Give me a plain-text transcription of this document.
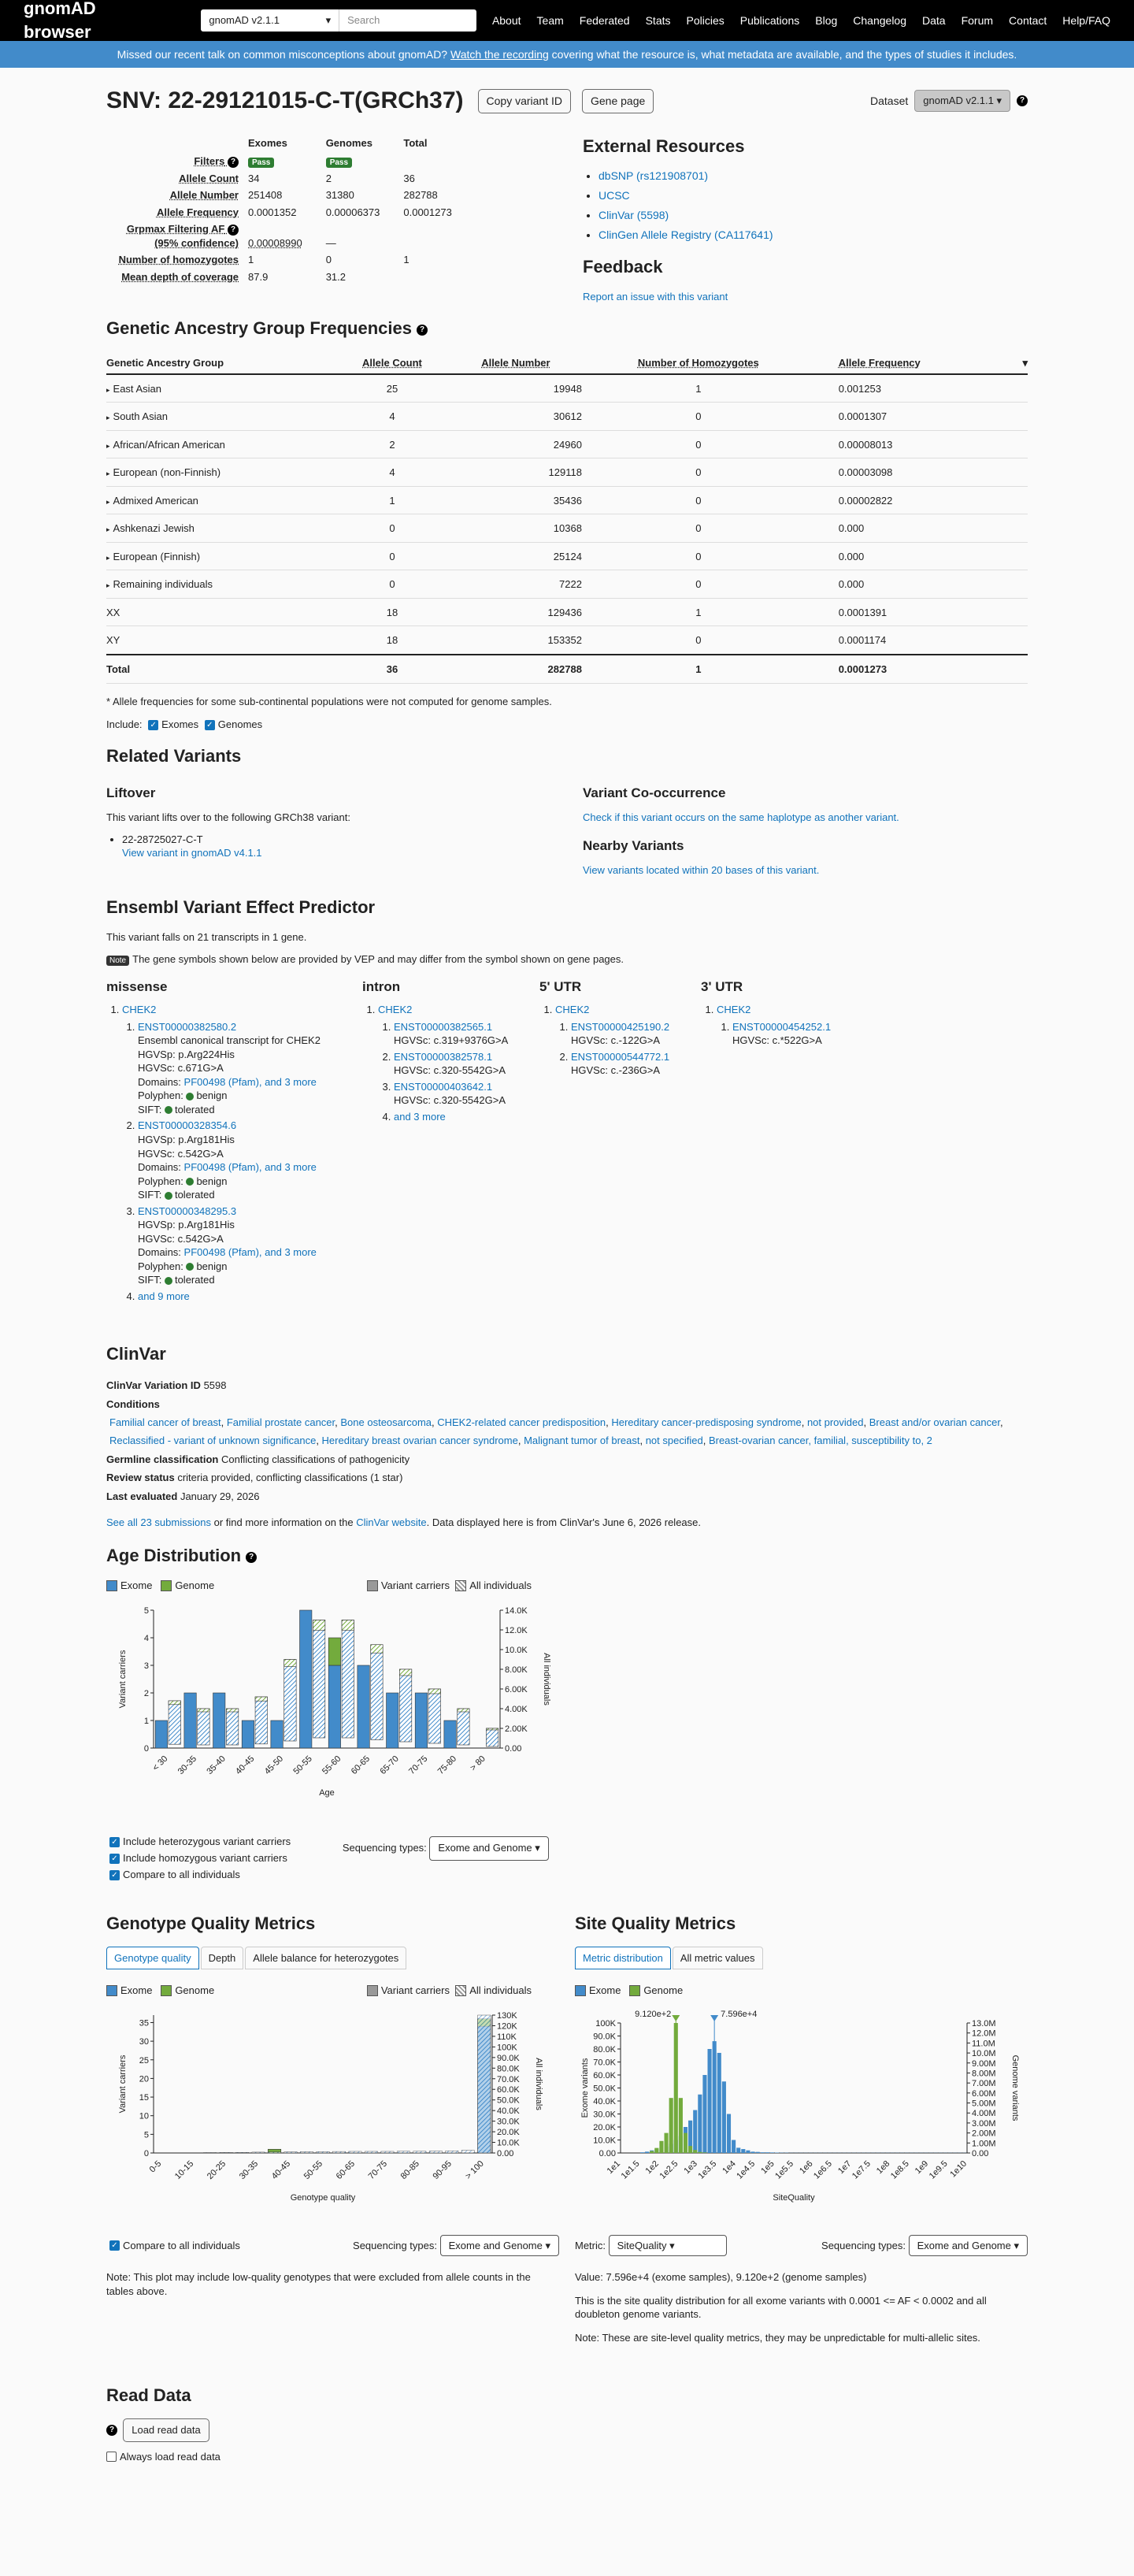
gnomAD browser
gnomAD v2.1.1	▾	Search	About Team Federated Stats Policies Publications Blog Changelog Data Forum Contact Help/FAQ
Missed our recent talk on common misconceptions about gnomAD?
Watch the recording
covering what the resource is, what metadata are available, and the types of studies it includes.
SNV: 22-29121015-C-T(GRCh37)	Copy variant ID	Gene page	Dataset	gnomAD v2.1.1 ▾	?
	Exomes	Genomes	Total
Filters ?	Pass	Pass	
Allele Count	34	2	36
Allele Number	251408	31380	282788
Allele Frequency	0.0001352	0.00006373	0.0001273
Grpmax Filtering AF ?
(95% confidence)	0.00008990	—	
Number of homozygotes	1	0	1
Mean depth of coverage	87.9	31.2	
External Resources
• dbSNP (rs121908701)
• UCSC
• ClinVar (5598)
• ClinGen Allele Registry (CA117641)
Feedback
Report an issue with this variant
Genetic Ancestry Group Frequencies ?
Genetic Ancestry Group	Allele Count	Allele Number	Number of Homozygotes	Allele Frequency ▾

▸ East Asian	25	19948	1	0.001253
▸ South Asian	4	30612	0	0.0001307
▸ African/African American	2	24960	0	0.00008013
▸ European (non-Finnish)	4	129118	0	0.00003098
▸ Admixed American	1	35436	0	0.00002822
▸ Ashkenazi Jewish	0	10368	0	0.000
▸ European (Finnish)	0	25124	0	0.000
▸ Remaining individuals	0	7222	0	0.000
XX	18	129436	1	0.0001391
XY	18	153352	0	0.0001174
Total	36	282788	1	0.0001273

* Allele frequencies for some sub-continental populations were not computed for genome samples.

Include: ✓ Exomes ✓ Genomes
Related Variants
Liftover

This variant lifts over to the following GRCh38 variant:

• 22-28725027-C-T
View variant in gnomAD v4.1.1
Variant Co-occurrence
Check if this variant occurs on the same haplotype as another variant.
Nearby Variants
View variants located within 20 bases of this variant.
Ensembl Variant Effect Predictor

This variant falls on 21 transcripts in 1 gene.

Note The gene symbols shown below are provided by VEP and may differ from the symbol shown on gene pages.

missense
1. CHEK2
1. ENST00000382580.2
Ensembl canonical transcript for CHEK2
HGVSp: p.Arg224His
HGVSc: c.671G>A
Domains: PF00498 (Pfam), and 3 more
Polyphen: benign
SIFT: tolerated
2. ENST00000328354.6
HGVSp: p.Arg181His
HGVSc: c.542G>A
Domains: PF00498 (Pfam), and 3 more
Polyphen: benign
SIFT: tolerated
3. ENST00000348295.3
HGVSp: p.Arg181His
HGVSc: c.542G>A
Domains: PF00498 (Pfam), and 3 more
Polyphen: benign
SIFT: tolerated
4. and 9 more
intron
1. CHEK2
1. ENST00000382565.1
HGVSc: c.319+9376G>A
2. ENST00000382578.1
HGVSc: c.320-5542G>A
3. ENST00000403642.1
HGVSc: c.320-5542G>A
4. and 3 more
5' UTR
1. CHEK2
1. ENST00000425190.2
HGVSc: c.-122G>A
2. ENST00000544772.1
HGVSc: c.-236G>A
3' UTR
1. CHEK2
1. ENST00000454252.1
HGVSc: c.*522G>A
ClinVar
ClinVar Variation ID 5598
Conditions
Familial cancer of breast, Familial prostate cancer, Bone osteosarcoma, CHEK2-related cancer predisposition, Hereditary cancer-predisposing syndrome, not provided, Breast and/or ovarian cancer, Reclassified - variant of unknown significance, Hereditary breast ovarian cancer syndrome, Malignant tumor of breast, not specified, Breast-ovarian cancer, familial, susceptibility to, 2
Germline classification Conflicting classifications of pathogenicity
Review status criteria provided, conflicting classifications (1 star)
Last evaluated January 29, 2026
See all 23 submissions or find more information on the ClinVar website. Data displayed here is from ClinVar's June 6, 2026 release.
Age Distribution ?
Exome
Genome	Variant carriers
All individuals
0
1
2
3
4
5
0.00
2.00K
4.00K
6.00K
8.00K
10.0K
12.0K
14.0K
< 30 30-35 35-40 40-45 45-50 50-55 55-60 60-65 65-70 70-75 75-80 > 80
Age
Variant carriers	All individuals
✓ Include heterozygous variant carriers
✓ Include homozygous variant carriers
Sequencing types:
	Exome and Genome ▾
✓ Compare to all individuals
Genotype Quality Metrics
Genotype quality	Depth	Allele balance for heterozygotes
Exome
Genome	Variant carriers
All individuals
0
5
10
15
20
25
30
35
0.00
10.0K
20.0K
30.0K
40.0K
50.0K
60.0K
70.0K
80.0K
90.0K
100K
110K
120K
130K
0-5 10-15 20-25 30-35 40-45 50-55 60-65 70-75 80-85 90-95 > 100
Genotype quality
Variant carriers	All individuals
✓ Compare to all individuals	Sequencing types:
	Exome and Genome ▾

Note: This plot may include low-quality genotypes that were excluded from allele counts in the tables above.

Site Quality Metrics
Metric distribution	All metric values
Exome
Genome
0.00
10.0K
20.0K
30.0K
40.0K
50.0K
60.0K
70.0K
80.0K
90.0K
100K
0.00
1.00M
2.00M
3.00M
4.00M
5.00M
6.00M
7.00M
8.00M
9.00M
10.0M
11.0M
12.0M
13.0M
1e1
1e1.5 1e2
1e2.5 1e3
1e3.5 1e4
1e4.5 1e5
1e5.5 1e6
1e6.5 1e7
1e7.5 1e8
1e8.5 1e9
1e9.5
1e10
9.120e+2	7.596e+4
SiteQuality
Exome variants	Genome variants
Metric:
	SiteQuality ▾	Sequencing types:
	Exome and Genome ▾

Value: 7.596e+4 (exome samples), 9.120e+2 (genome samples)

This is the site quality distribution for all exome variants with 0.0001 <= AF < 0.0002 and all doubleton genome variants.

Note: These are site-level quality metrics, they may be unpredictable for multi-allelic sites.

Read Data
?
	Load read data
Always load read data
